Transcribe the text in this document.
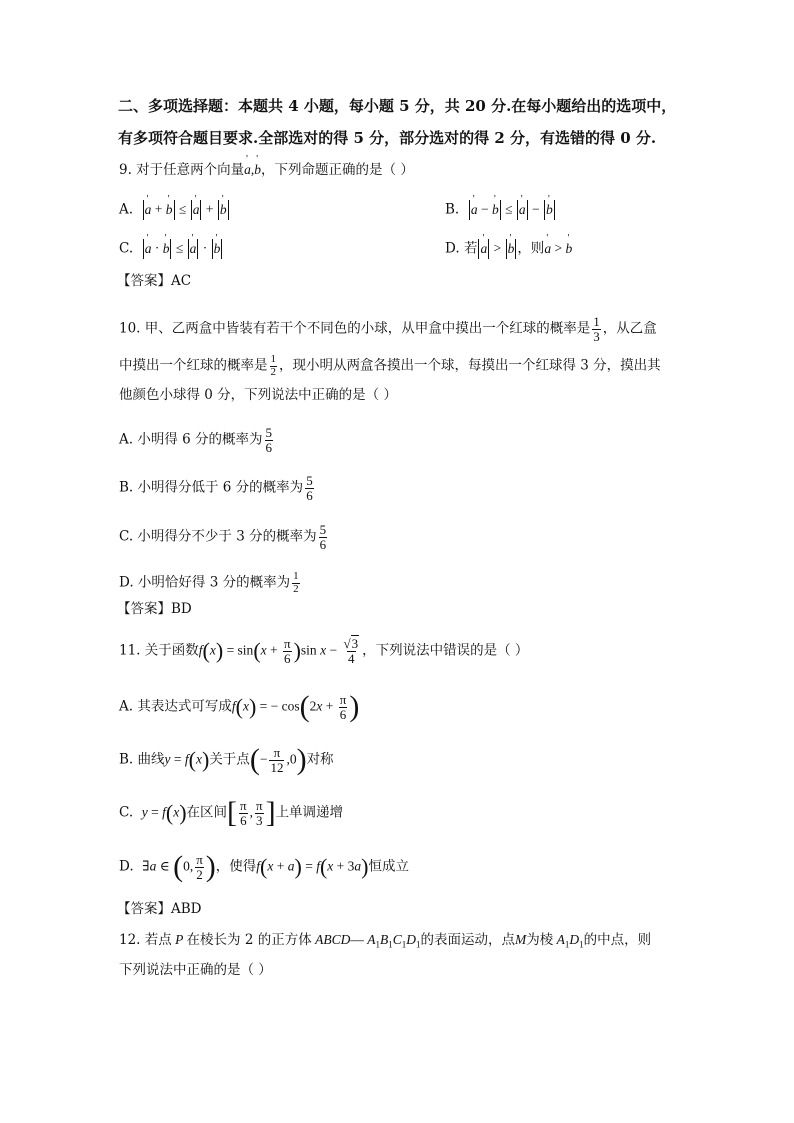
二、多项选择题：本题共 4 小题，每小题 5 分，共 20 分.在每小题给出的选项中，
有多项符合题目要求.全部选对的得 5 分，部分选对的得 2 分，有选错的得 0 分.
9. 对于任意两个向量' a,' b，下列命题正确的是（ ）
A. ' a + ' b ≤ ' a + ' b	B. ' a − ' b ≤ ' a − ' b
C. ' a · ' b ≤ ' a · ' b	D. 若 ' a > ' b ，则' a > ' b
【答案】AC
10. 甲、乙两盒中皆装有若干个不同色的小球，从甲盒中摸出一个红球的概率是 $\frac{1}{3}$ ，从乙盒
中摸出一个红球的概率是 $\frac{1}{2}$ ，现小明从两盒各摸出一个球，每摸出一个红球得 3 分，摸出其
他颜色小球得 0 分，下列说法中正确的是（ ）
A. 小明得 6 分的概率为 $\frac{5}{6}$
B. 小明得分低于 6 分的概率为 $\frac{5}{6}$
C. 小明得分不少于 3 分的概率为 $\frac{5}{6}$
D. 小明恰好得 3 分的概率为 $\frac{1}{2}$
【答案】BD
11. 关于函数$f(x) = \sin(x + \frac{\pi}{6} )\sin$ $x - \frac{√3}{4}$ ，下列说法中错误的是（ ）
A. 其表达式可写成f(x) = − $\cos(2x + \frac{\pi}{6}$ )
B. 曲线y = f(x)关于点(− $\frac{\pi}{12} ,0$)对称
C. y = f(x)在区间[ $\frac{\pi}{6}$ , $\frac{\pi}{3}$ ]上单调递增
D. ∃a ∈ (0, $\frac{\pi}{2}$ )，使得f(x + a) = f(x + 3a)恒成立
【答案】ABD
12. 若点 P 在棱长为 2 的正方体 ABCD— $A_1B_1C_1D_1$的表面运动，点M为棱 $A_1D_1$的中点，则
下列说法中正确的是（ ）
